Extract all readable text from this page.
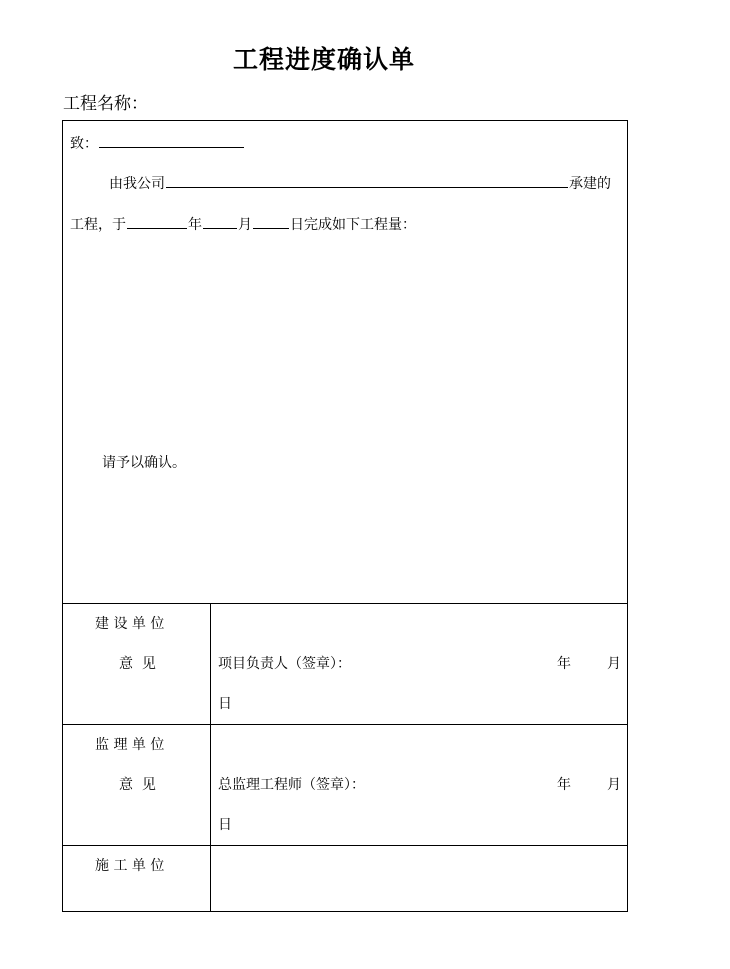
工程进度确认单
工程名称：
致：
由我公司	承建的
工程，于	年	月	日完成如下工程量：
请予以确认。
建 设 单 位
意  见	项目负责人（签章）：	年	月
日
监 理 单 位
意  见	总监理工程师（签章）：	年	月
日
施 工 单 位
